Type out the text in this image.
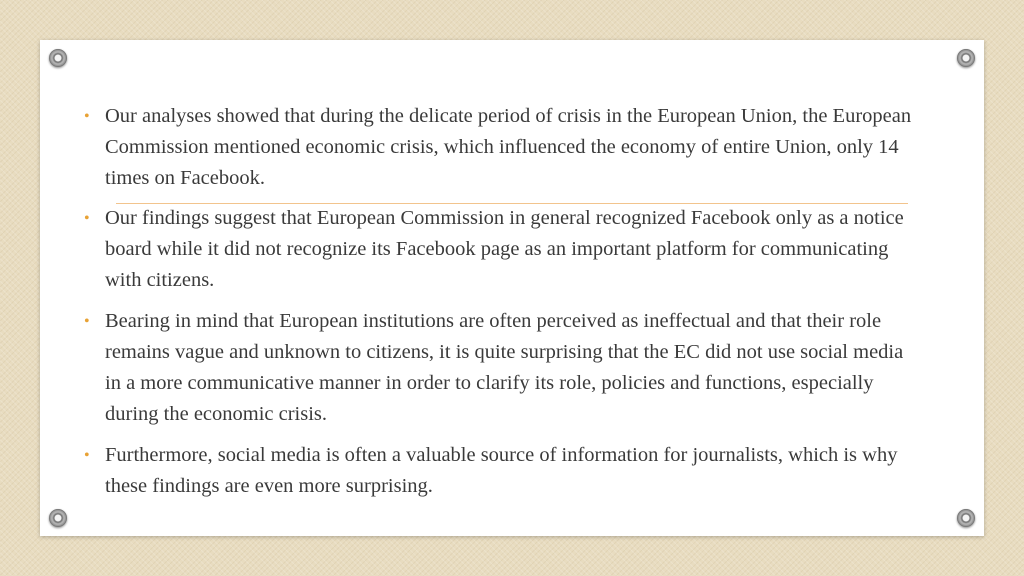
• Our analyses showed that during the delicate period of crisis in the European Union, the European Commission mentioned economic crisis, which influenced the economy of entire Union, only 14 times on Facebook.
• Our findings suggest that European Commission in general recognized Facebook only as a notice board while it did not recognize its Facebook page as an important platform for communicating with citizens.
• Bearing in mind that European institutions are often perceived as ineffectual and that their role remains vague and unknown to citizens, it is quite surprising that the EC did not use social media in a more communicative manner in order to clarify its role, policies and functions, especially during the economic crisis.
• Furthermore, social media is often a valuable source of information for journalists, which is why these findings are even more surprising.
